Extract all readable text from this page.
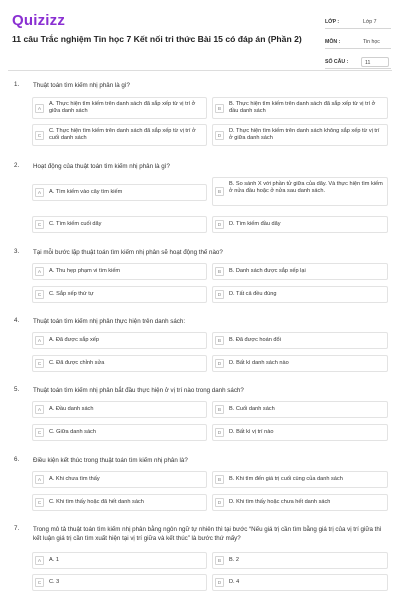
Quizizz
11 câu Trắc nghiệm Tin học 7 Kết nối tri thức Bài 15 có đáp án (Phần 2)
LỚP :	Lớp 7
MÔN :	Tin học
SỐ CÂU :	11
1. Thuật toán tìm kiếm nhị phân là gì?
A
A. Thực hiện tìm kiếm trên danh sách đã sắp xếp từ vị trí ở giữa danh sách	B
B. Thực hiện tìm kiếm trên danh sách đã sắp xếp từ vị trí ở đầu danh sách
C
C. Thực hiện tìm kiếm trên danh sách đã sắp xếp từ vị trí ở cuối danh sách	D
D. Thực hiện tìm kiếm trên danh sách không sắp xếp từ vị trí ở giữa danh sách
2. Hoạt động của thuật toán tìm kiếm nhị phân là gì?
A	A. Tìm kiếm vào cây tìm kiếm	B
B. So sánh X với phần tử giữa của dãy. Và thực hiện tìm kiếm ở nửa đầu hoặc ở nửa sau danh sách.
C	C. Tìm kiếm cuối dãy	D	D. Tìm kiếm đầu dãy
3. Tại mỗi bước lặp thuật toán tìm kiếm nhị phân sẽ hoạt động thế nào?
A	A. Thu hẹp phạm vi tìm kiếm	B	B. Danh sách được sắp xếp lại
C	C. Sắp xếp thứ tự	D	D. Tất cả đều đúng
4. Thuật toán tìm kiếm nhị phân thực hiện trên danh sách:
A	A. Đã được sắp xếp	B	B. Đã được hoán đổi
C	C. Đã được chỉnh sửa	D	D. Bất kì danh sách nào
5. Thuật toán tìm kiếm nhị phân bắt đầu thực hiện ở vị trí nào trong danh sách?
A	A. Đầu danh sách	B	B. Cuối danh sách
C	C. Giữa danh sách	D	D. Bất kì vị trí nào
6. Điều kiện kết thúc trong thuật toán tìm kiếm nhị phân là?
A	A. Khi chưa tìm thấy	B	B. Khi tìm đến giá trị cuối cùng của danh sách
C	C. Khi tìm thấy hoặc đã hết danh sách	D	D. Khi tìm thấy hoặc chưa hết danh sách
7. Trong mô tả thuật toán tìm kiếm nhị phân bằng ngôn ngữ tự nhiên thì tại bước “Nếu giá trị cần tìm bằng giá trị của vị trí giữa thì kết luận giá trị cần tìm xuất hiện tại vị trí giữa và kết thúc” là bước thứ mấy?
A	A. 1	B	B. 2
C	C. 3	D	D. 4
